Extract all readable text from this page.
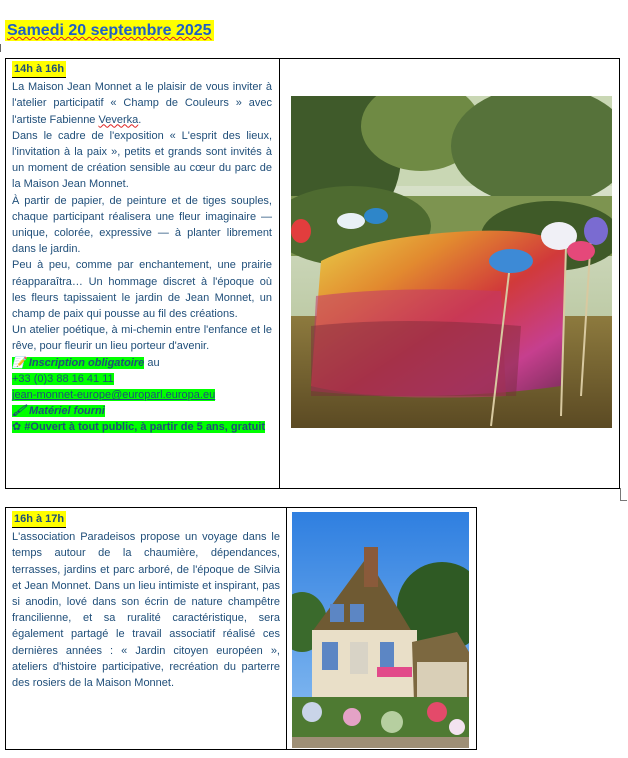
Samedi 20 septembre 2025
14h à 16h

La Maison Jean Monnet a le plaisir de vous inviter à l'atelier participatif « Champ de Couleurs » avec l'artiste Fabienne Veverka.

Dans le cadre de l'exposition « L'esprit des lieux, l'invitation à la paix », petits et grands sont invités à un moment de création sensible au cœur du parc de la Maison Jean Monnet.

À partir de papier, de peinture et de tiges souples, chaque participant réalisera une fleur imaginaire — unique, colorée, expressive — à planter librement dans le jardin.

Peu à peu, comme par enchantement, une prairie réapparaîtra… Un hommage discret à l'époque où les fleurs tapissaient le jardin de Jean Monnet, un champ de paix qui pousse au fil des créations.

Un atelier poétique, à mi-chemin entre l'enfance et le rêve, pour fleurir un lieu porteur d'avenir.

📝 Inscription obligatoire au

+33 (0)3 88 16 41 11

jean-monnet-europe@europarl.europa.eu

🖌 Matériel fourni

✿ #Ouvert à tout public, à partir de 5 ans, gratuit

16h à 17h

L'association Paradeisos propose un voyage dans le temps autour de la chaumière, dépendances, terrasses, jardins et parc arboré, de l'époque de Silvia et Jean Monnet. Dans un lieu intimiste et inspirant, pas si anodin, lové dans son écrin de nature champêtre francilienne, et sa ruralité caractéristique, sera également partagé le travail associatif réalisé ces dernières années : « Jardin citoyen européen », ateliers d'histoire participative, recréation du parterre des rosiers de la Maison Monnet.
